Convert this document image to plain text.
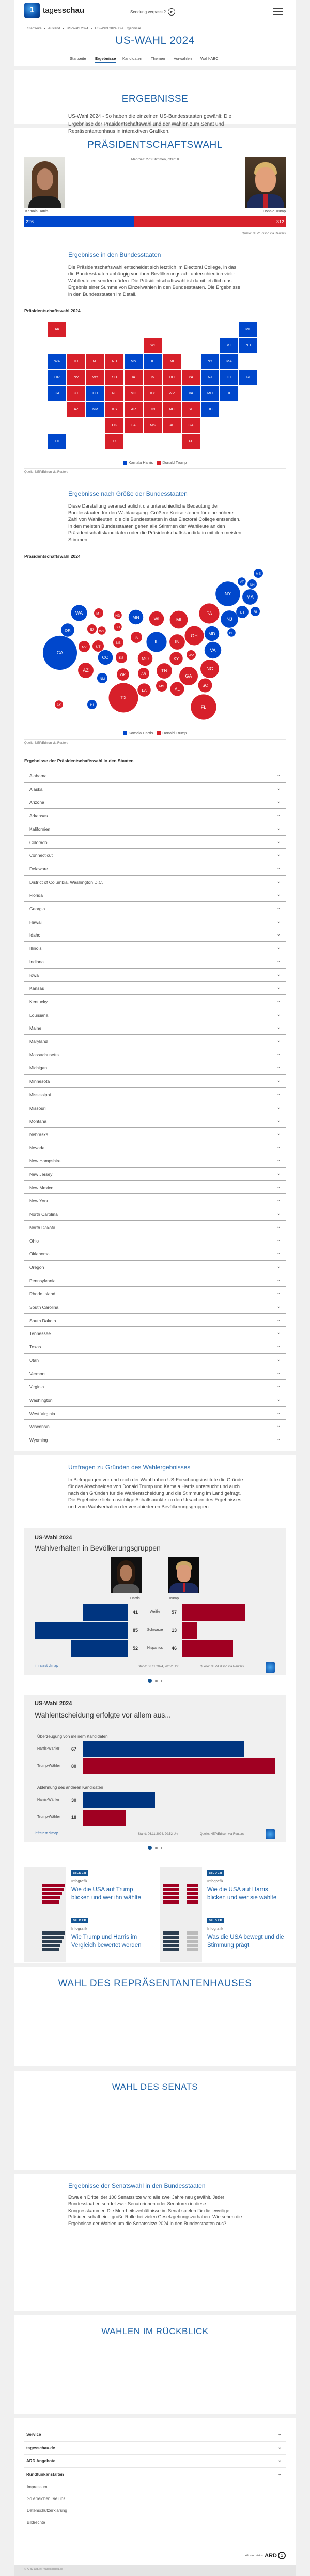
1	tagesschau	Sendung verpasst?	▶
Startseite ▸ Ausland ▸ US-Wahl 2024 ▸ US-Wahl 2024: Die Ergebnisse
US-WAHL 2024
Startseite Ergebnisse Kandidaten Themen Vorwahlen Wahl-ABC
ERGEBNISSE
US-Wahl 2024 - So haben die einzelnen US-Bundesstaaten gewählt: Die Ergebnisse der Präsidentschaftswahl und der Wahlen zum Senat und Repräsentantenhaus in interaktiven Grafiken.
PRÄSIDENTSCHAFTSWAHL
Mehrheit: 270 Stimmen, offen: 0
Kamala Harris	Donald Trump
226	312
Quelle: NEP/Edison via Reuters
Ergebnisse in den Bundesstaaten
Die Präsidentschaftswahl entscheidet sich letztlich im Electoral College, in das die Bundesstaaten abhängig von ihrer Bevölkerungszahl unterschiedlich viele Wahlleute entsenden dürfen. Die Präsidentschaftswahl ist damit letztlich das Ergebnis einer Summe von Einzelwahlen in den Bundesstaaten. Die Ergebnisse in den Bundesstaaten im Detail.
Präsidentschaftswahl 2024
WA
OR
CA	CO
NM
MN	IL	NY
VT	NH
ME
MA
CT	RI
NJ
DE
MD
DC
VA
HI
AK
ID	MT	ND
SD
WY
NV
UT
AZ
NE
KS
OK
TX
IA
MO
AR
LA
WI
MI
IN	OH
KY
TN
MS	AL	GA
FL
SC
NC
WV
PA
Kamala Harris	Donald Trump
Quelle: NEP/Edison via Reuters
Ergebnisse nach Größe der Bundesstaaten
Diese Darstellung veranschaulicht die unterschiedliche Bedeutung der Bundesstaaten für den Wahlausgang. Größere Kreise stehen für eine höhere Zahl von Wahlleuten, die die Bundesstaaten in das Electoral College entsenden. In den meisten Bundesstaaten gehen alle Stimmen der Wahlleute an den Präsidentschaftskandidaten oder die Präsidentschaftskandidatin mit den meisten Stimmen.
Präsidentschaftswahl 2024
ME
VT
NH
NY
MA
WA	MT
ND	MN	WI	MI
PA
NJ
CT	RI
OR	ID WY
SD
IA
IL	IN
OH MD	DE
CA
NV	UT
NE
CO	KS	MO	KY
WV
VA
AZ
NM
OK	AR
TN
GA
NC
SC
LA
MS
AL
TX
FL
AK	HI
Kamala Harris	Donald Trump
Quelle: NEP/Edison via Reuters
Ergebnisse der Präsidentschaftswahl in den Staaten
Alabama	⌄
Alaska	⌄
Arizona	⌄
Arkansas	⌄
Kalifornien	⌄
Colorado	⌄
Connecticut	⌄
Delaware	⌄
District of Columbia, Washington D.C.	⌄
Florida	⌄
Georgia	⌄
Hawaii	⌄
Idaho	⌄
Illinois	⌄
Indiana	⌄
Iowa	⌄
Kansas	⌄
Kentucky	⌄
Louisiana	⌄
Maine	⌄
Maryland	⌄
Massachusetts	⌄
Michigan	⌄
Minnesota	⌄
Mississippi	⌄
Missouri	⌄
Montana	⌄
Nebraska	⌄
Nevada	⌄
New Hampshire	⌄
New Jersey	⌄
New Mexico	⌄
New York	⌄
North Carolina	⌄
North Dakota	⌄
Ohio	⌄
Oklahoma	⌄
Oregon	⌄
Pennsylvania	⌄
Rhode Island	⌄
South Carolina	⌄
South Dakota	⌄
Tennessee	⌄
Texas	⌄
Utah	⌄
Vermont	⌄
Virginia	⌄
Washington	⌄
West Virginia	⌄
Wisconsin	⌄
Wyoming	⌄
Umfragen zu Gründen des Wahlergebnisses
In Befragungen vor und nach der Wahl haben US-Forschungsinstitute die Gründe für das Abschneiden von Donald Trump und Kamala Harris untersucht und auch nach den Gründen für die Wahlentscheidung und die Stimmung im Land gefragt. Die Ergebnisse liefern wichtige Anhaltspunkte zu den Ursachen des Ergebnisses und zum Wahlverhalten der verschiedenen Bevölkerungsgruppen.
US-Wahl 2024
Wahlverhalten in Bevölkerungsgruppen
Harris	Trump
41	Weiße	57
85	Schwarze	13
52	Hispanics	46
infratest dimap	Stand: 06.11.2024, 20:52 Uhr	Quelle: NEP/Edison via Reuters
US-Wahl 2024
Wahlentscheidung erfolgte vor allem aus...
Überzeugung von meinem Kandidaten
Harris-Wähler	67
Trump-Wähler 80
Ablehnung des anderen Kandidaten
Harris-Wähler	30
Trump-Wähler 18
infratest dimap	Stand: 06.11.2024, 20:52 Uhr	Quelle: NEP/Edison via Reuters
BILDER
Infografik
Wie die USA auf Trump blicken und wer ihn wählte
BILDER
Infografik
Wie die USA auf Harris blicken und wer sie wählte
BILDER
Infografik
Wie Trump und Harris im Vergleich bewertet werden
BILDER
Infografik
Was die USA bewegt und die Stimmung prägt
WAHL DES REPRÄSENTANTENHAUSES
WAHL DES SENATS
Ergebnisse der Senatswahl in den Bundesstaaten
Etwa ein Drittel der 100 Senatssitze wird alle zwei Jahre neu gewählt. Jeder Bundesstaat entsendet zwei Senatorinnen oder Senatoren in diese Kongresskammer. Die Mehrheitsverhältnisse im Senat spielen für die jeweilige Präsidentschaft eine große Rolle bei vielen Gesetzgebungsvorhaben. Wie sehen die Ergebnisse der Wahlen um die Senatssitze 2024 in den Bundesstaaten aus?
WAHLEN IM RÜCKBLICK
Service	⌄
tagesschau.de	⌄
ARD Angebote	⌄
Rundfunkanstalten	⌄
Impressum
So erreichen Sie uns
Datenschutzerklärung
Bildrechte
Wir sind deins. ARD 1
© ARD-aktuell / tagesschau.de
